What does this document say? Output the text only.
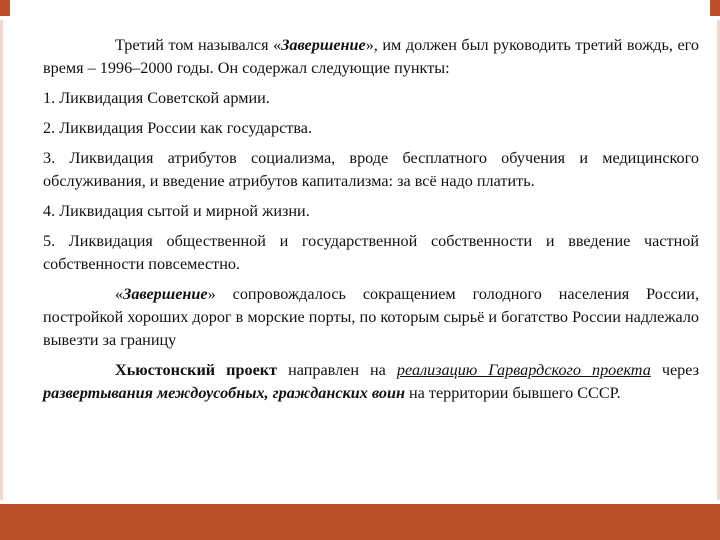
Третий том назывался «Завершение», им должен был руководить третий вождь, его время – 1996–2000 годы. Он содержал следующие пункты:

1. Ликвидация Советской армии.

2. Ликвидация России как государства.

3. Ликвидация атрибутов социализма, вроде бесплатного обучения и медицинского обслуживания, и введение атрибутов капитализма: за всё надо платить.

4. Ликвидация сытой и мирной жизни.

5. Ликвидация общественной и государственной собственности и введение частной собственности повсеместно.

«Завершение» сопровождалось сокращением голодного населения России, постройкой хороших дорог в морские порты, по которым сырьё и богатство России надлежало вывезти за границу

Хьюстонский проект направлен на реализацию Гарвардского проекта через развертывания междоусобных, гражданских воин на территории бывшего СССР.
